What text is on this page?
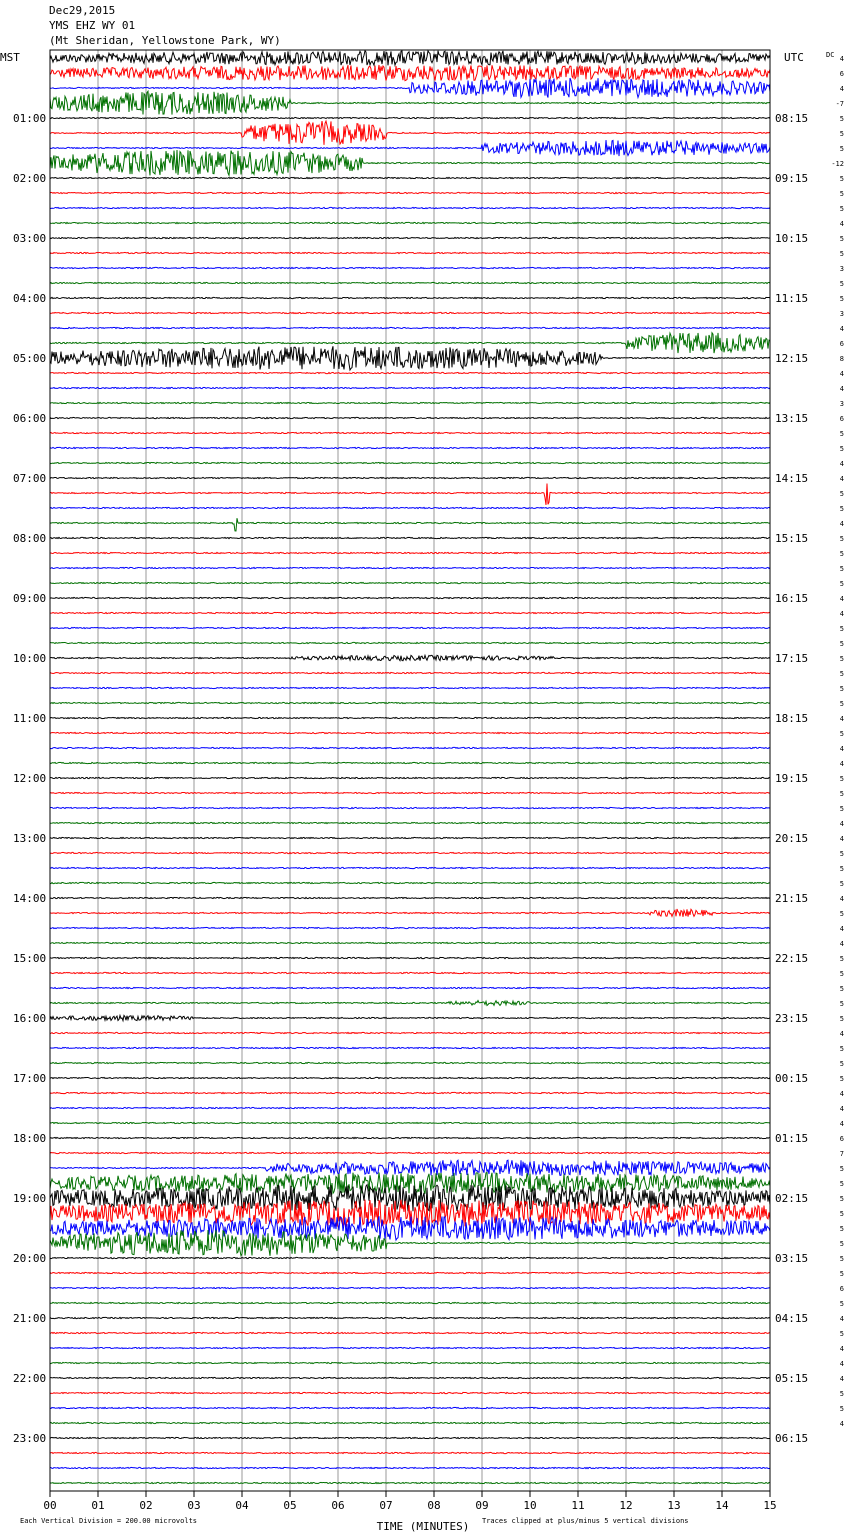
Dec29,2015
YMS EHZ WY 01
(Mt Sheridan, Yellowstone Park, WY)
MST	UTC	DC
01:00
02:00
03:00
04:00
05:00
06:00
07:00
08:00
09:00
10:00
11:00
12:00
13:00
14:00
15:00
16:00
17:00
18:00
19:00
20:00
21:00
22:00
23:00
08:15
09:15
10:15
11:15
12:15
13:15
14:15
15:15
16:15
17:15
18:15
19:15
20:15
21:15
22:15
23:15
00:15
01:15
02:15
03:15
04:15
05:15
06:15
4
6
4
-7
5
5
5
-12
5
5
5
4
5
5
3
5
5
3
4
6
8
4
4
3
6
5
5
4
4
5
5
4
5
5
5
5
4
4
5
5
5
5
5
5
4
5
4
4
5
5
5
4
4
5
5
5
4
5
4
4
5
5
5
5
5
4
5
5
5
4
4
4
6
7
5
5
5
5
5
5
5
5
6
5
4
5
4
4
4
5
5
4
00	01	02	03	04	05	06	07	08	09	10	11	12	13	14	15
TIME (MINUTES)
Each Vertical Division = 200.00 microvolts	Traces clipped at plus/minus 5 vertical divisions
